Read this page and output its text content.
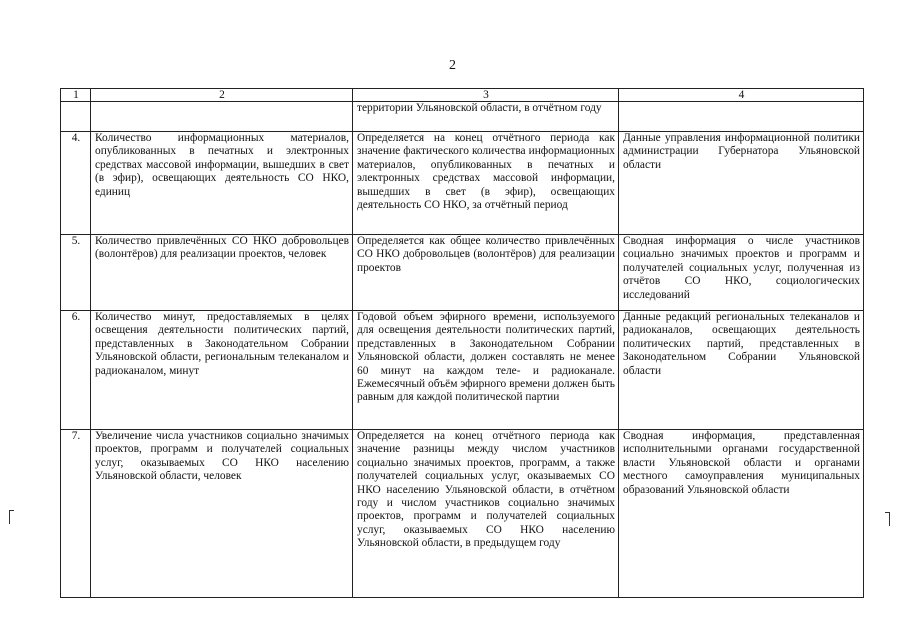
2
1	2	3	4
		территории Ульяновской области, в отчётном году	
4.	Количество информационных материалов, опубликованных в печатных и электронных средствах массовой информации, вышедших в свет (в эфир), освещающих деятельность СО НКО, единиц	Определяется на конец отчётного периода как значение фактического количества информационных материалов, опубликованных в печатных и электронных средствах массовой информации, вышедших в свет (в эфир), освещающих деятельность СО НКО, за отчётный период	Данные управления информационной политики администрации Губернатора Ульяновской области
5.	Количество привлечённых СО НКО добровольцев (волонтёров) для реализации проектов, человек	Определяется как общее количество привлечённых СО НКО добровольцев (волонтёров) для реализации проектов	Сводная информация о числе участников социально значимых проектов и программ и получателей социальных услуг, полученная из отчётов СО НКО, социологических исследований
6.	Количество минут, предоставляемых в целях освещения деятельности политических партий, представленных в Законодательном Собрании Ульяновской области, региональным телеканалом и радиоканалом, минут	Годовой объем эфирного времени, используемого для освещения деятельности политических партий, представленных в Законодательном Собрании Ульяновской области, должен составлять не менее 60 минут на каждом теле- и радиоканале. Ежемесячный объём эфирного времени должен быть равным для каждой политической партии	Данные редакций региональных телеканалов и радиоканалов, освещающих деятельность политических партий, представленных в Законодательном Собрании Ульяновской области
7.	Увеличение числа участников социально значимых проектов, программ и получателей социальных услуг, оказываемых СО НКО населению Ульяновской области, человек	Определяется на конец отчётного периода как значение разницы между числом участников социально значимых проектов, программ, а также получателей социальных услуг, оказываемых СО НКО населению Ульяновской области, в отчётном году и числом участников социально значимых проектов, программ и получателей социальных услуг, оказываемых СО НКО населению Ульяновской области, в предыдущем году	Сводная информация, представленная исполнительными органами государственной власти Ульяновской области и органами местного самоуправления муниципальных образований Ульяновской области
